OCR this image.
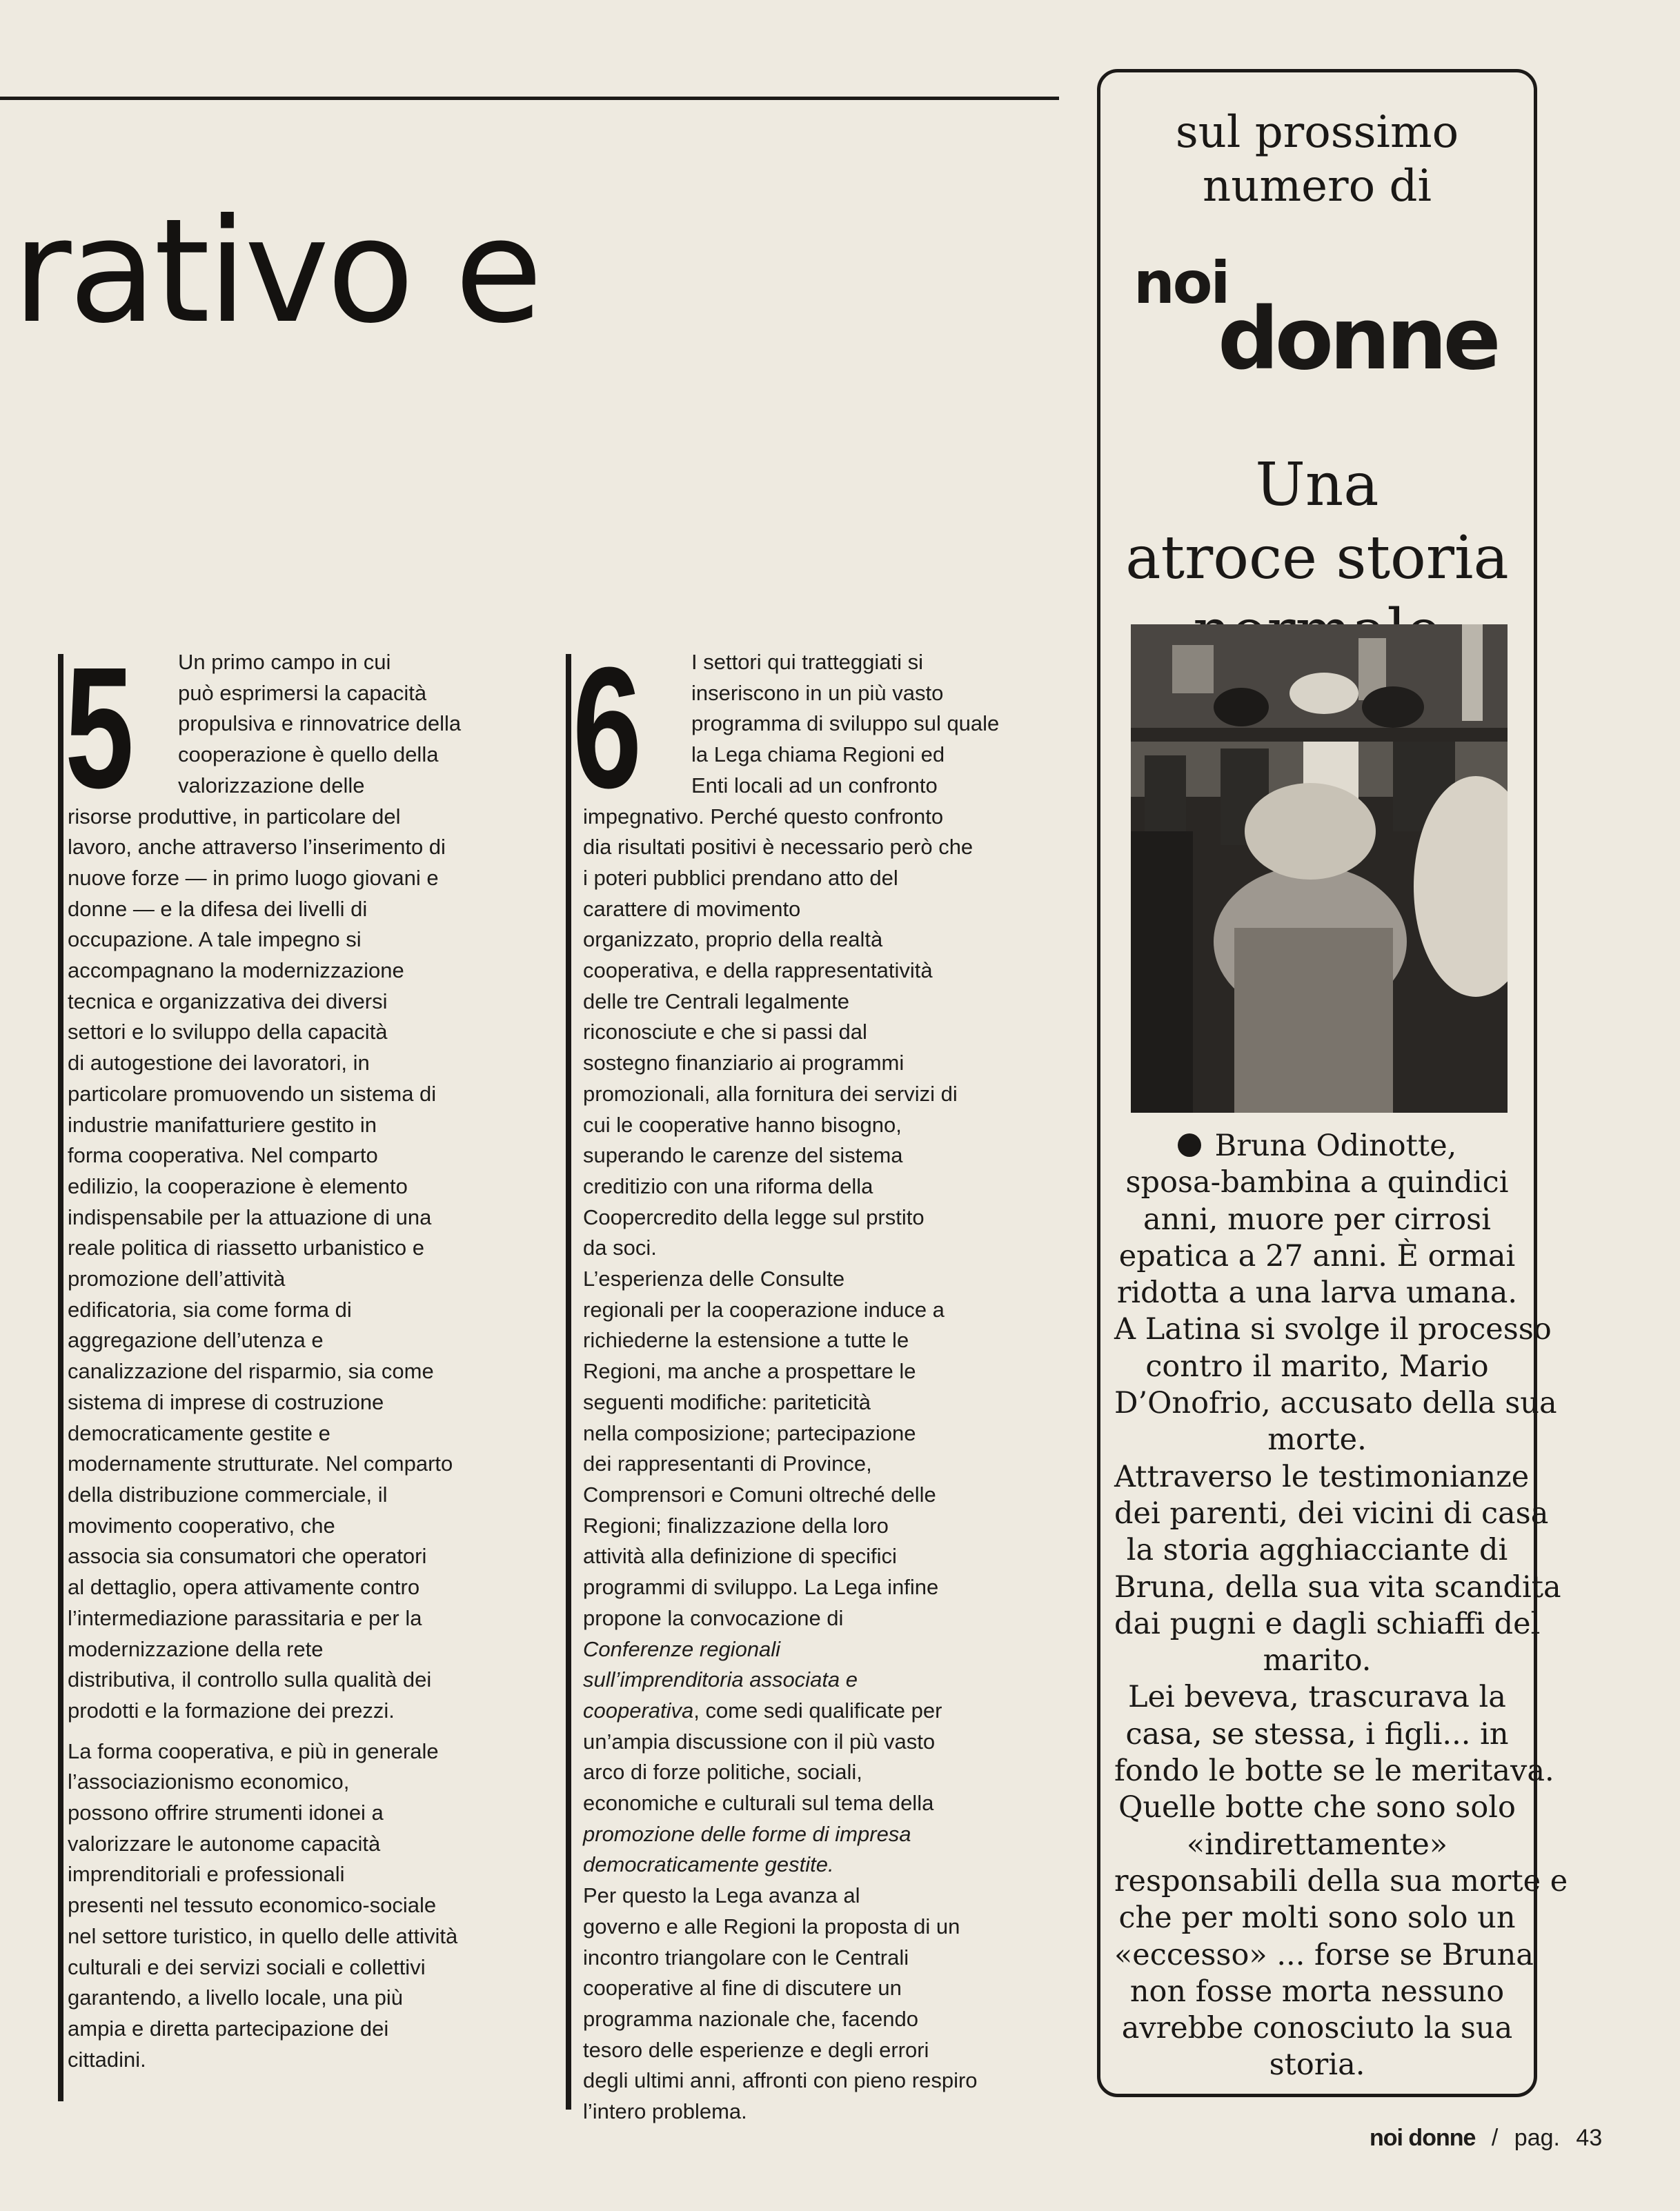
rativo e
5	Un primo campo in cui
può esprimersi la capacità
propulsiva e rinnovatrice della
cooperazione è quello della
valorizzazione delle
risorse produttive, in particolare del
lavoro, anche attraverso l’inserimento di
nuove forze — in primo luogo giovani e
donne — e la difesa dei livelli di
occupazione. A tale impegno si
accompagnano la modernizzazione
tecnica e organizzativa dei diversi
settori e lo sviluppo della capacità
di autogestione dei lavoratori, in
particolare promuovendo un sistema di
industrie manifatturiere gestito in
forma cooperativa. Nel comparto
edilizio, la cooperazione è elemento
indispensabile per la attuazione di una
reale politica di riassetto urbanistico e
promozione dell’attività
edificatoria, sia come forma di
aggregazione dell’utenza e
canalizzazione del risparmio, sia come
sistema di imprese di costruzione
democraticamente gestite e
modernamente strutturate. Nel comparto
della distribuzione commerciale, il
movimento cooperativo, che
associa sia consumatori che operatori
al dettaglio, opera attivamente contro
l’intermediazione parassitaria e per la
modernizzazione della rete
distributiva, il controllo sulla qualità dei
prodotti e la formazione dei prezzi.
La forma cooperativa, e più in generale
l’associazionismo economico,
possono offrire strumenti idonei a
valorizzare le autonome capacità
imprenditoriali e professionali
presenti nel tessuto economico-sociale
nel settore turistico, in quello delle attività
culturali e dei servizi sociali e collettivi
garantendo, a livello locale, una più
ampia e diretta partecipazione dei
cittadini.
6	I settori qui tratteggiati si
inseriscono in un più vasto
programma di sviluppo sul quale
la Lega chiama Regioni ed
Enti locali ad un confronto
impegnativo. Perché questo confronto
dia risultati positivi è necessario però che
i poteri pubblici prendano atto del
carattere di movimento
organizzato, proprio della realtà
cooperativa, e della rappresentatività
delle tre Centrali legalmente
riconosciute e che si passi dal
sostegno finanziario ai programmi
promozionali, alla fornitura dei servizi di
cui le cooperative hanno bisogno,
superando le carenze del sistema
creditizio con una riforma della
Coopercredito della legge sul prstito
da soci.
L’esperienza delle Consulte
regionali per la cooperazione induce a
richiederne la estensione a tutte le
Regioni, ma anche a prospettare le
seguenti modifiche: pariteticità
nella composizione; partecipazione
dei rappresentanti di Province,
Comprensori e Comuni oltreché delle
Regioni; finalizzazione della loro
attività alla definizione di specifici
programmi di sviluppo. La Lega infine
propone la convocazione di
Conferenze regionali
sull’imprenditoria associata e
cooperativa, come sedi qualificate per
un’ampia discussione con il più vasto
arco di forze politiche, sociali,
economiche e culturali sul tema della
promozione delle forme di impresa
democraticamente gestite.
Per questo la Lega avanza al
governo e alle Regioni la proposta di un
incontro triangolare con le Centrali
cooperative al fine di discutere un
programma nazionale che, facendo
tesoro delle esperienze e degli errori
degli ultimi anni, affronti con pieno respiro
l’intero problema.
sul prossimo
numero di
noi
donne
Una
atroce storia
Bruna Odinotte,
sposa-bambina a quindici
anni, muore per cirrosi
epatica a 27 anni. È ormai
ridotta a una larva umana.
A Latina si svolge il processo
contro il marito, Mario
D’Onofrio, accusato della sua
morte.
Attraverso le testimonianze
dei parenti, dei vicini di casa
la storia agghiacciante di
Bruna, della sua vita scandita
dai pugni e dagli schiaffi del
marito.
Lei beveva, trascurava la
casa, se stessa, i figli... in
fondo le botte se le meritava.
Quelle botte che sono solo
«indirettamente»
responsabili della sua morte e
che per molti sono solo un
«eccesso» ... forse se Bruna
non fosse morta nessuno
avrebbe conosciuto la sua
storia.
noi donne / pag. 43
